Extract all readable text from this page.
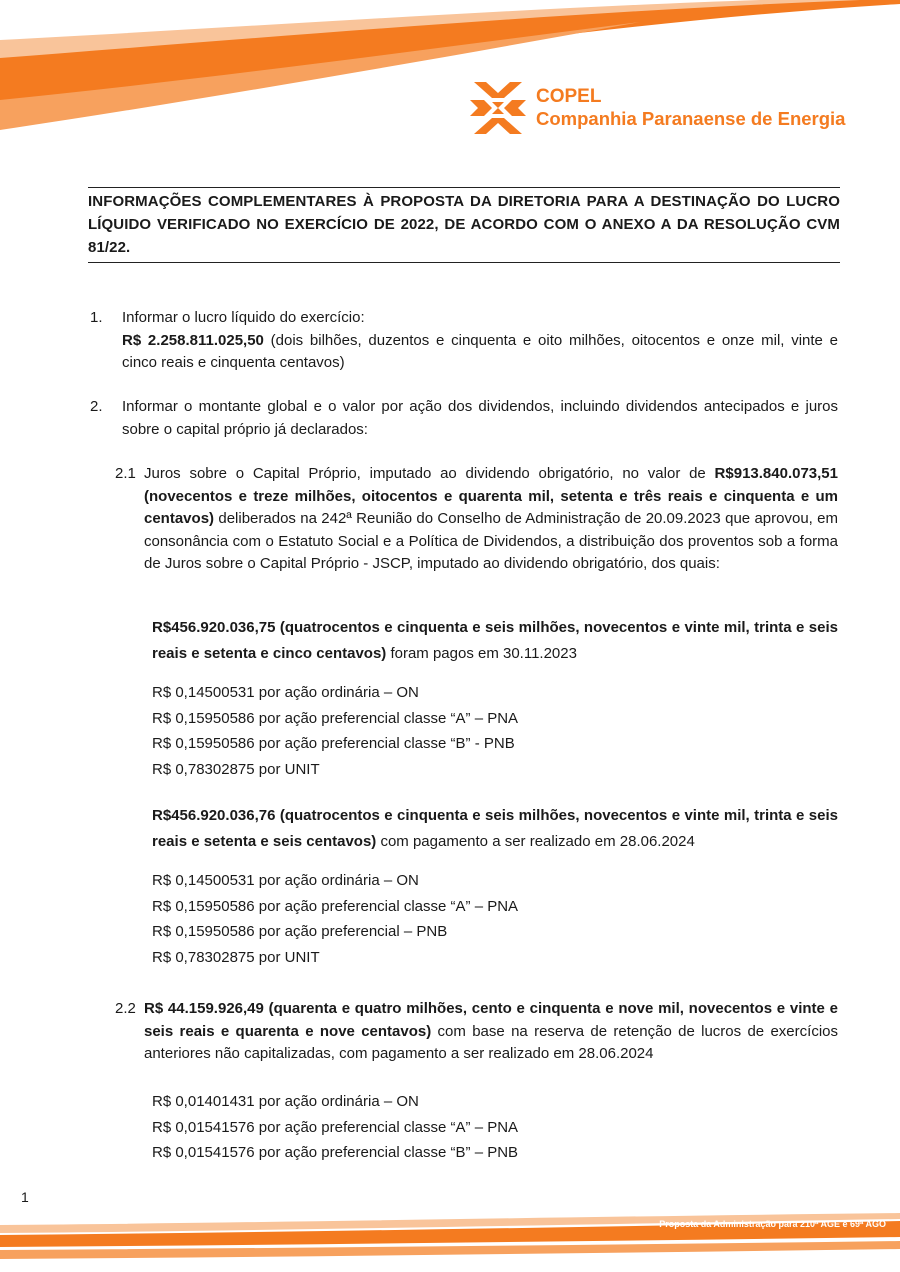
COPEL
Companhia Paranaense de Energia

INFORMAÇÕES COMPLEMENTARES À PROPOSTA DA DIRETORIA PARA A DESTINAÇÃO DO LUCRO LÍQUIDO VERIFICADO NO EXERCÍCIO DE 2022, DE ACORDO COM O ANEXO A DA RESOLUÇÃO CVM 81/22.

1. Informar o lucro líquido do exercício:
R$ 2.258.811.025,50 (dois bilhões, duzentos e cinquenta e oito milhões, oitocentos e onze mil, vinte e cinco reais e cinquenta centavos)
2. Informar o montante global e o valor por ação dos dividendos, incluindo dividendos antecipados e juros sobre o capital próprio já declarados:
2.1 Juros sobre o Capital Próprio, imputado ao dividendo obrigatório, no valor de R$913.840.073,51 (novecentos e treze milhões, oitocentos e quarenta mil, setenta e três reais e cinquenta e um centavos) deliberados na 242ª Reunião do Conselho de Administração de 20.09.2023 que aprovou, em consonância com o Estatuto Social e a Política de Dividendos, a distribuição dos proventos sob a forma de Juros sobre o Capital Próprio - JSCP, imputado ao dividendo obrigatório, dos quais:
R$456.920.036,75 (quatrocentos e cinquenta e seis milhões, novecentos e vinte mil, trinta e seis reais e setenta e cinco centavos) foram pagos em 30.11.2023
R$ 0,14500531 por ação ordinária – ON
R$ 0,15950586 por ação preferencial classe “A” – PNA
R$ 0,15950586 por ação preferencial classe “B” - PNB
R$ 0,78302875 por UNIT
R$456.920.036,76 (quatrocentos e cinquenta e seis milhões, novecentos e vinte mil, trinta e seis reais e setenta e seis centavos) com pagamento a ser realizado em 28.06.2024
R$ 0,14500531 por ação ordinária – ON
R$ 0,15950586 por ação preferencial classe “A” – PNA
R$ 0,15950586 por ação preferencial – PNB
R$ 0,78302875 por UNIT
2.2 R$ 44.159.926,49 (quarenta e quatro milhões, cento e cinquenta e nove mil, novecentos e vinte e seis reais e quarenta e nove centavos) com base na reserva de retenção de lucros de exercícios anteriores não capitalizadas, com pagamento a ser realizado em 28.06.2024
R$ 0,01401431 por ação ordinária – ON
R$ 0,01541576 por ação preferencial classe “A” – PNA
R$ 0,01541576 por ação preferencial classe “B” – PNB
1
Proposta da Administração para 210ª AGE e 69ª AGO
